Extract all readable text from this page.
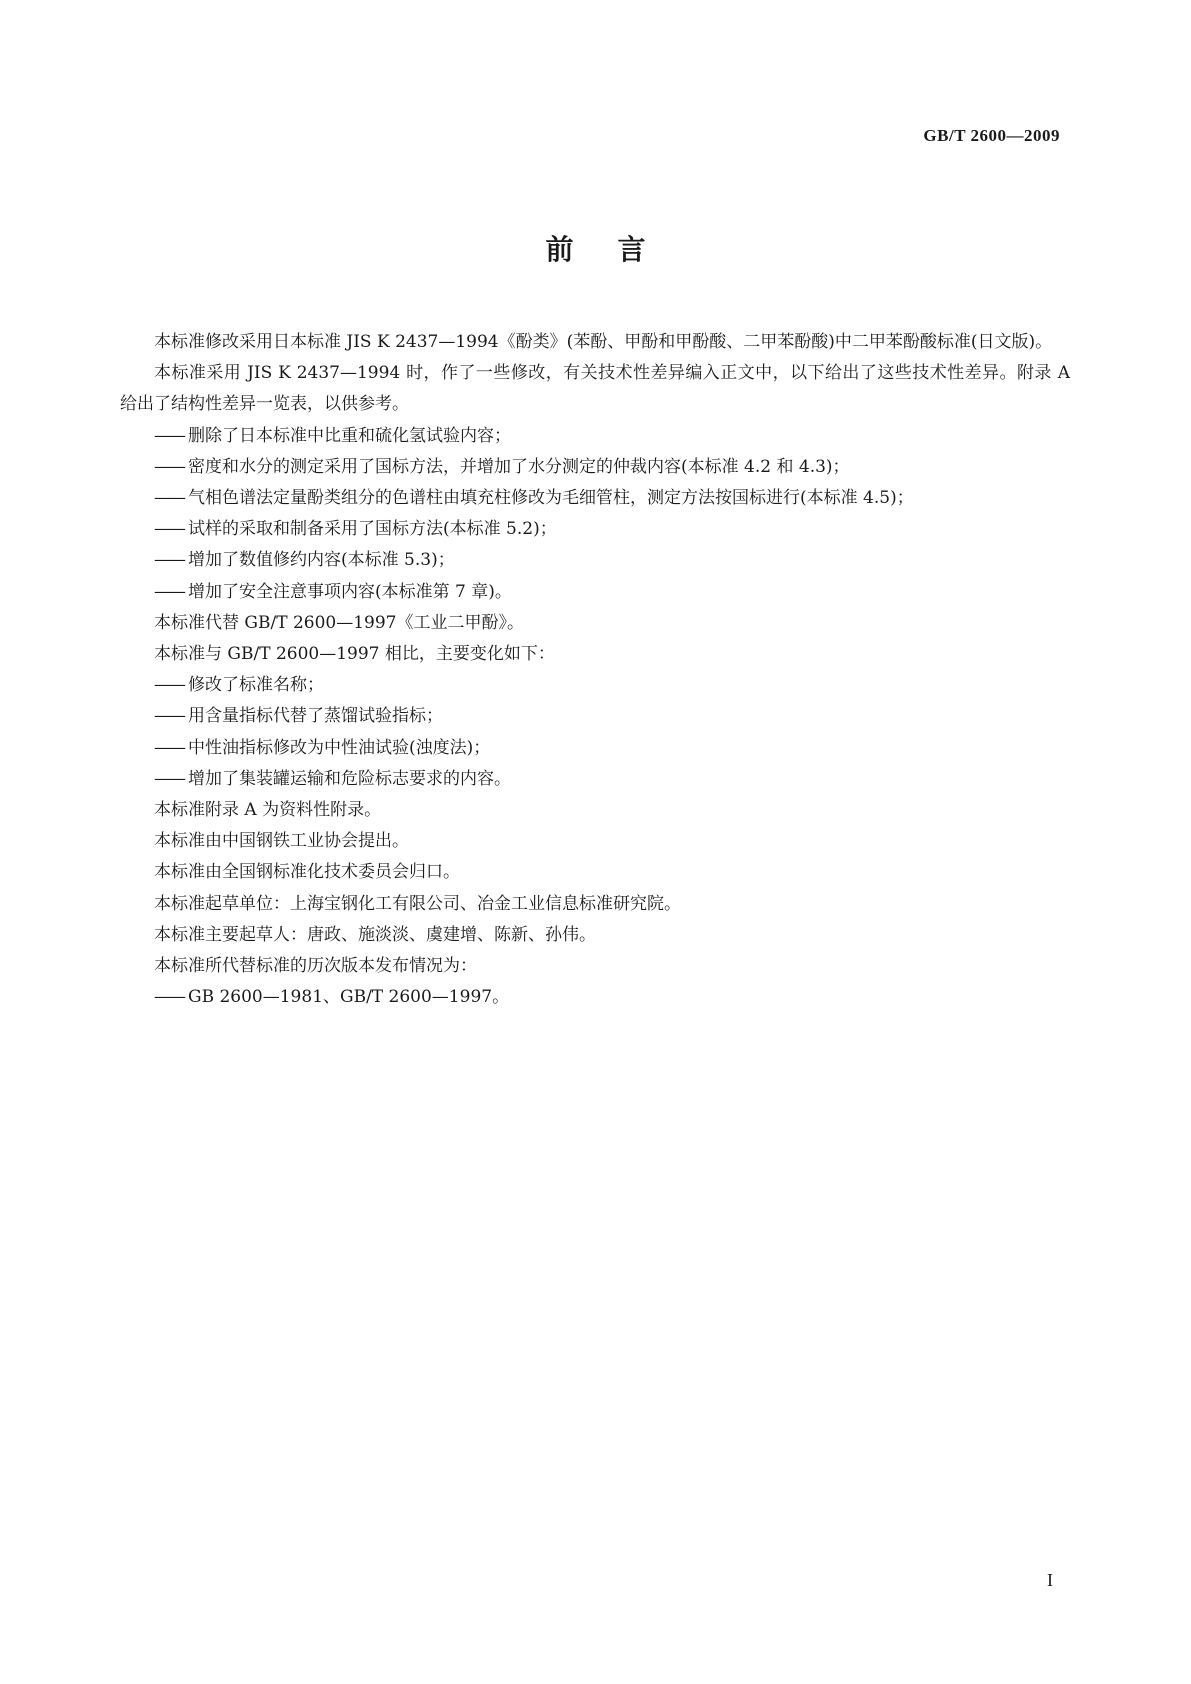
GB/T 2600—2009
前言

本标准修改采用日本标准 JIS K 2437—1994《酚类》(苯酚、甲酚和甲酚酸、二甲苯酚酸)中二甲苯酚酸标准(日文版)。

本标准采用 JIS K 2437—1994 时，作了一些修改，有关技术性差异编入正文中，以下给出了这些技术性差异。附录 A 给出了结构性差异一览表，以供参考。

—— 删除了日本标准中比重和硫化氢试验内容；

—— 密度和水分的测定采用了国标方法，并增加了水分测定的仲裁内容(本标准 4.2 和 4.3)；

—— 气相色谱法定量酚类组分的色谱柱由填充柱修改为毛细管柱，测定方法按国标进行(本标准 4.5)；

—— 试样的采取和制备采用了国标方法(本标准 5.2)；

—— 增加了数值修约内容(本标准 5.3)；

—— 增加了安全注意事项内容(本标准第 7 章)。

本标准代替 GB/T 2600—1997《工业二甲酚》。

本标准与 GB/T 2600—1997 相比，主要变化如下：

—— 修改了标准名称；

—— 用含量指标代替了蒸馏试验指标；

—— 中性油指标修改为中性油试验(浊度法)；

—— 增加了集装罐运输和危险标志要求的内容。

本标准附录 A 为资料性附录。

本标准由中国钢铁工业协会提出。

本标准由全国钢标准化技术委员会归口。

本标准起草单位：上海宝钢化工有限公司、冶金工业信息标准研究院。

本标准主要起草人：唐政、施淡淡、虞建增、陈新、孙伟。

本标准所代替标准的历次版本发布情况为：

—— GB 2600—1981、GB/T 2600—1997。

I
